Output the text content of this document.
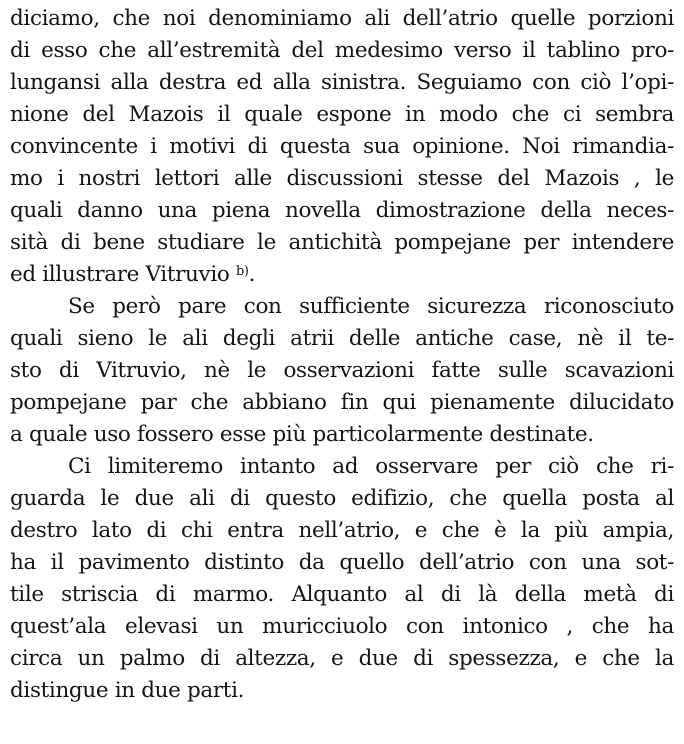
diciamo, che noi denominiamo ali dell’atrio quelle porzioni
di esso che all’estremità del medesimo verso il tablino pro-
lungansi alla destra ed alla sinistra. Seguiamo con ciò l’opi-
nione del Mazois il quale espone in modo che ci sembra
convincente i motivi di questa sua opinione. Noi rimandia-
mo i nostri lettori alle discussioni stesse del Mazois , le
quali danno una piena novella dimostrazione della neces-
sità di bene studiare le antichità pompejane per intendere
ed illustrare Vitruvio $^{b)}$.
Se però pare con sufficiente sicurezza riconosciuto
quali sieno le ali degli atrii delle antiche case, nè il te-
sto di Vitruvio, nè le osservazioni fatte sulle scavazioni
pompejane par che abbiano fin qui pienamente dilucidato
a quale uso fossero esse più particolarmente destinate.
Ci limiteremo intanto ad osservare per ciò che ri-
guarda le due ali di questo edifizio, che quella posta al
destro lato di chi entra nell’atrio, e che è la più ampia,
ha il pavimento distinto da quello dell’atrio con una sot-
tile striscia di marmo. Alquanto al di là della metà di
quest’ala elevasi un muricciuolo con intonico , che ha
circa un palmo di altezza, e due di spessezza, e che la
distingue in due parti.
